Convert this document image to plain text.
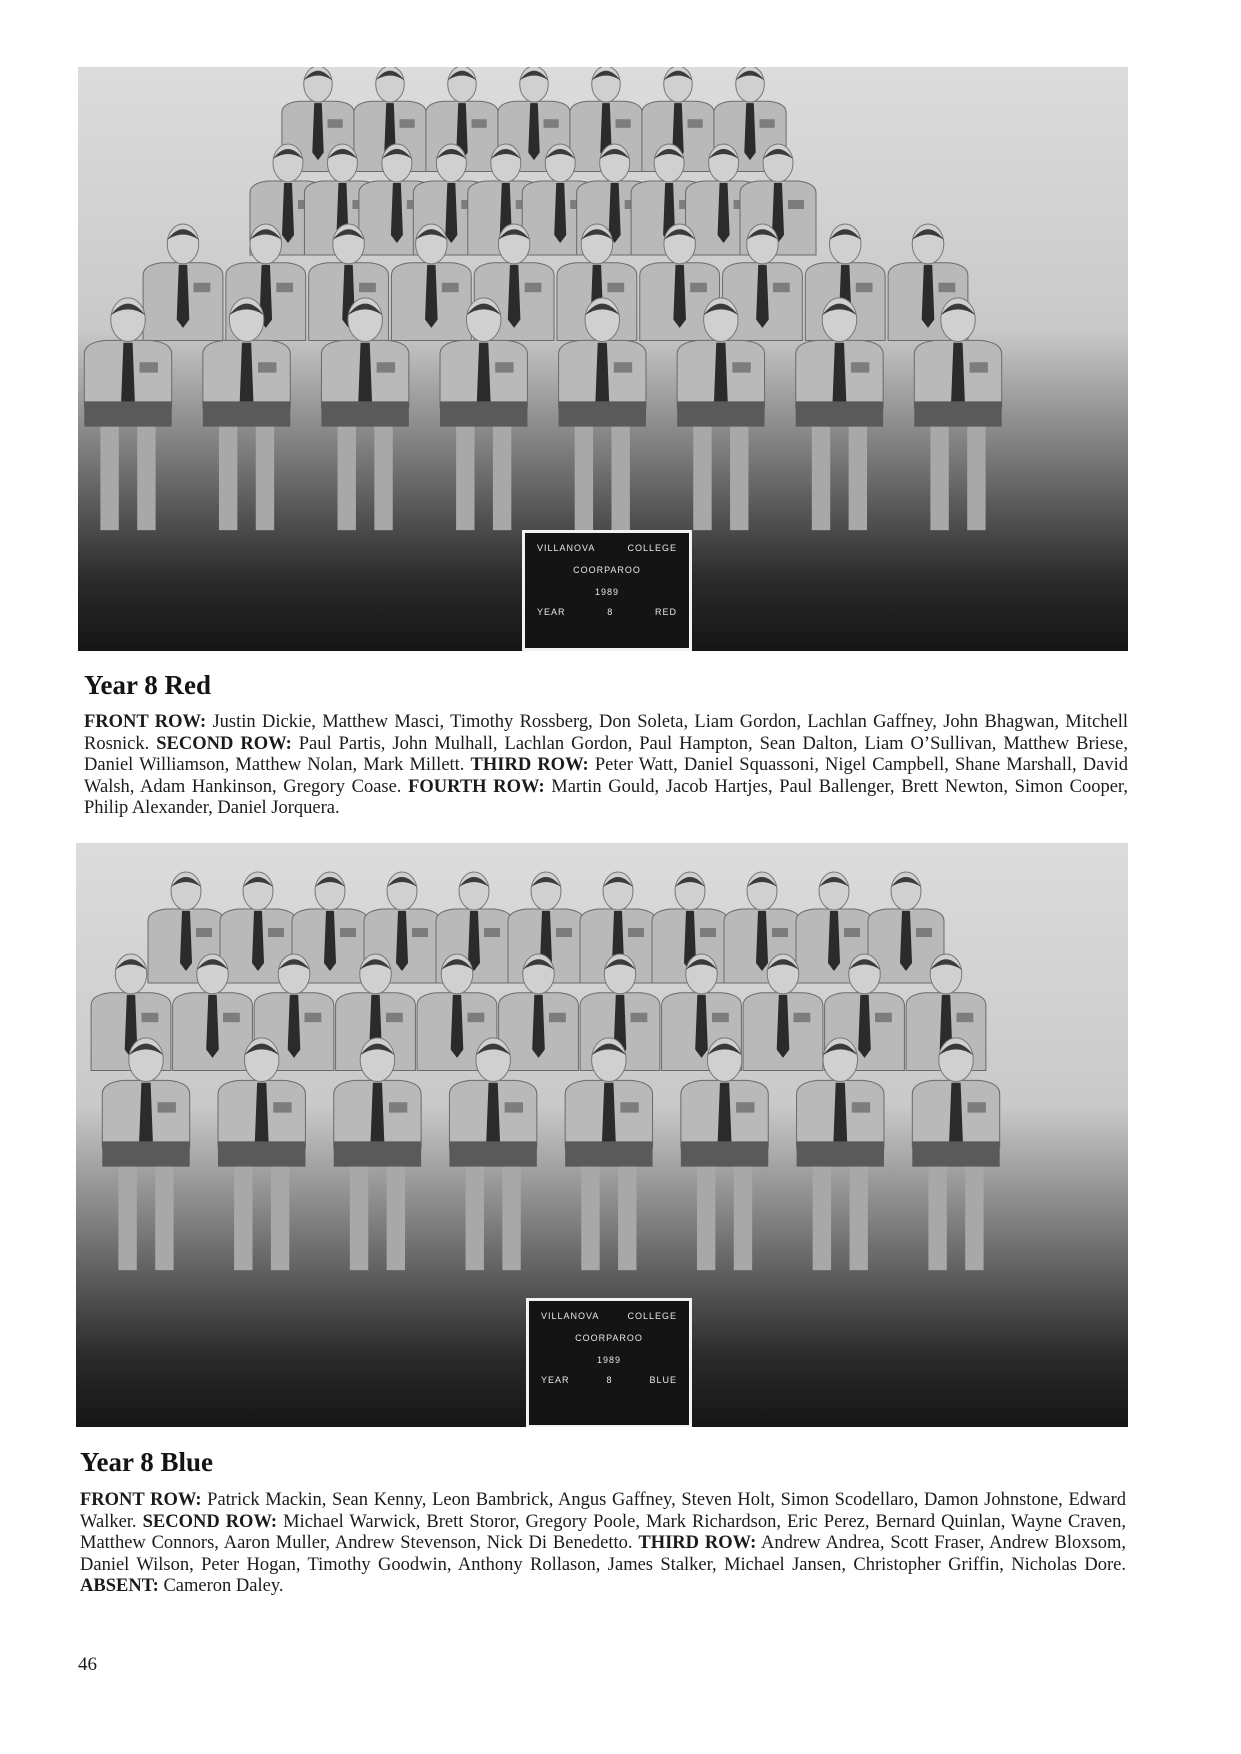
VILLANOVA	COLLEGE
COORPAROO
1989
YEAR	8	RED
Year 8 Red

FRONT ROW: Justin Dickie, Matthew Masci, Timothy Rossberg, Don Soleta, Liam Gordon, Lachlan Gaffney, John Bhagwan, Mitchell Rosnick. SECOND ROW: Paul Partis, John Mulhall, Lachlan Gordon, Paul Hampton, Sean Dalton, Liam O’Sullivan, Matthew Briese, Daniel Williamson, Matthew Nolan, Mark Millett. THIRD ROW: Peter Watt, Daniel Squassoni, Nigel Campbell, Shane Marshall, David Walsh, Adam Hankinson, Gregory Coase. FOURTH ROW: Martin Gould, Jacob Hartjes, Paul Ballenger, Brett Newton, Simon Cooper, Philip Alexander, Daniel Jorquera.

VILLANOVA	COLLEGE
COORPAROO
1989
YEAR	8	BLUE
Year 8 Blue

FRONT ROW: Patrick Mackin, Sean Kenny, Leon Bambrick, Angus Gaffney, Steven Holt, Simon Scodellaro, Damon Johnstone, Edward Walker. SECOND ROW: Michael Warwick, Brett Storor, Gregory Poole, Mark Richardson, Eric Perez, Bernard Quinlan, Wayne Craven, Matthew Connors, Aaron Muller, Andrew Stevenson, Nick Di Benedetto. THIRD ROW: Andrew Andrea, Scott Fraser, Andrew Bloxsom, Daniel Wilson, Peter Hogan, Timothy Goodwin, Anthony Rollason, James Stalker, Michael Jansen, Christopher Griffin, Nicholas Dore. ABSENT: Cameron Daley.

46
